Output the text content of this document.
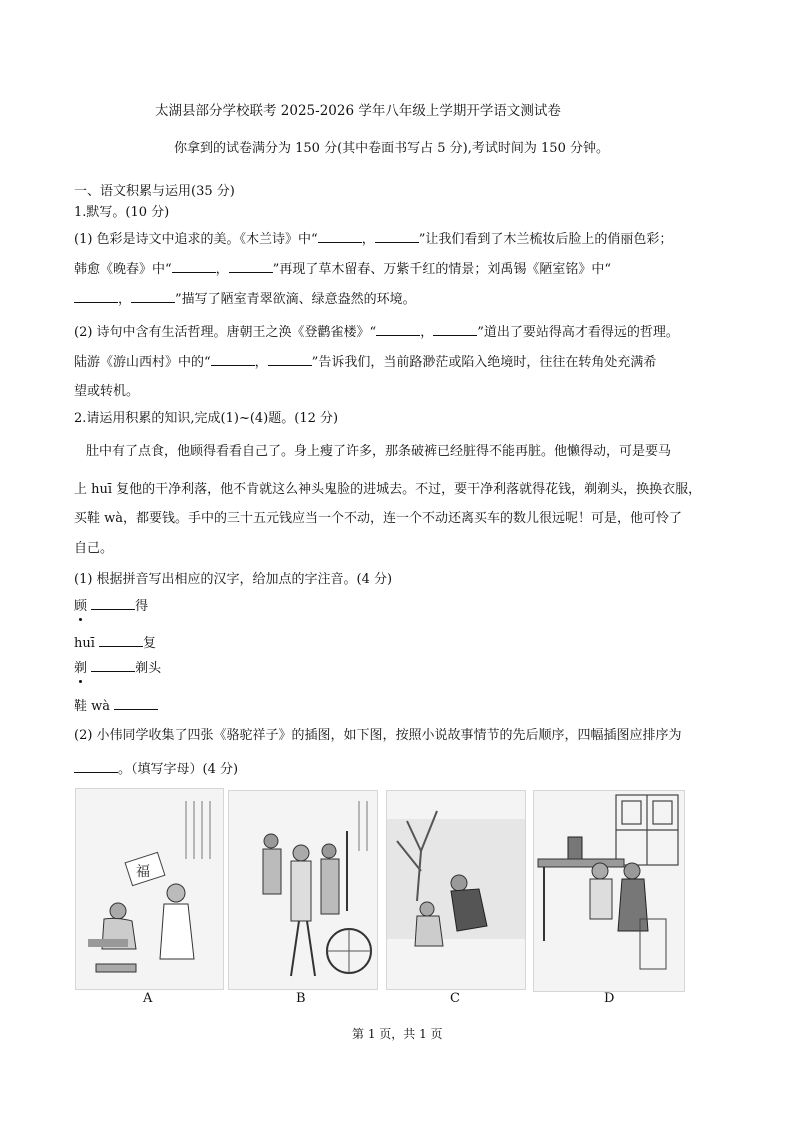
太湖县部分学校联考 2025-2026 学年八年级上学期开学语文测试卷
你拿到的试卷满分为 150 分(其中卷面书写占 5 分),考试时间为 150 分钟。
一、语文积累与运用(35 分)
1.默写。(10 分)
(1) 色彩是诗文中追求的美。《木兰诗》中“	，	”让我们看到了木兰梳妆后脸上的俏丽色彩；
韩愈《晚春》中“	，	”再现了草木留春、万紫千红的情景；刘禹锡《陋室铭》中“
，	”描写了陋室青翠欲滴、绿意盎然的环境。
(2) 诗句中含有生活哲理。唐朝王之涣《登鹳雀楼》“	，	”道出了要站得高才看得远的哲理。
陆游《游山西村》中的“	，	”告诉我们，当前路渺茫或陷入绝境时，往往在转角处充满希
望或转机。
2.请运用积累的知识,完成(1)~(4)题。(12 分)
肚中有了点食，他顾得看看自己了。身上瘦了许多，那条破裤已经脏得不能再脏。他懒得动，可是要马
上 huī 复他的干净利落，他不肯就这么神头鬼脸的进城去。不过，要干净利落就得花钱，剃剃头，换换衣服，
买鞋 wà，都要钱。手中的三十五元钱应当一个不动，连一个不动还离买车的数儿很远呢！可是，他可怜了
自己。
(1) 根据拼音写出相应的汉字，给加点的字注音。(4 分)
顾	得
huī	复
剃	剃头
鞋 wà
(2) 小伟同学收集了四张《骆驼祥子》的插图，如下图，按照小说故事情节的先后顺序，四幅插图应排序为
。（填写字母）(4 分)
福
A	B	C	D
第 1 页，共 1 页
